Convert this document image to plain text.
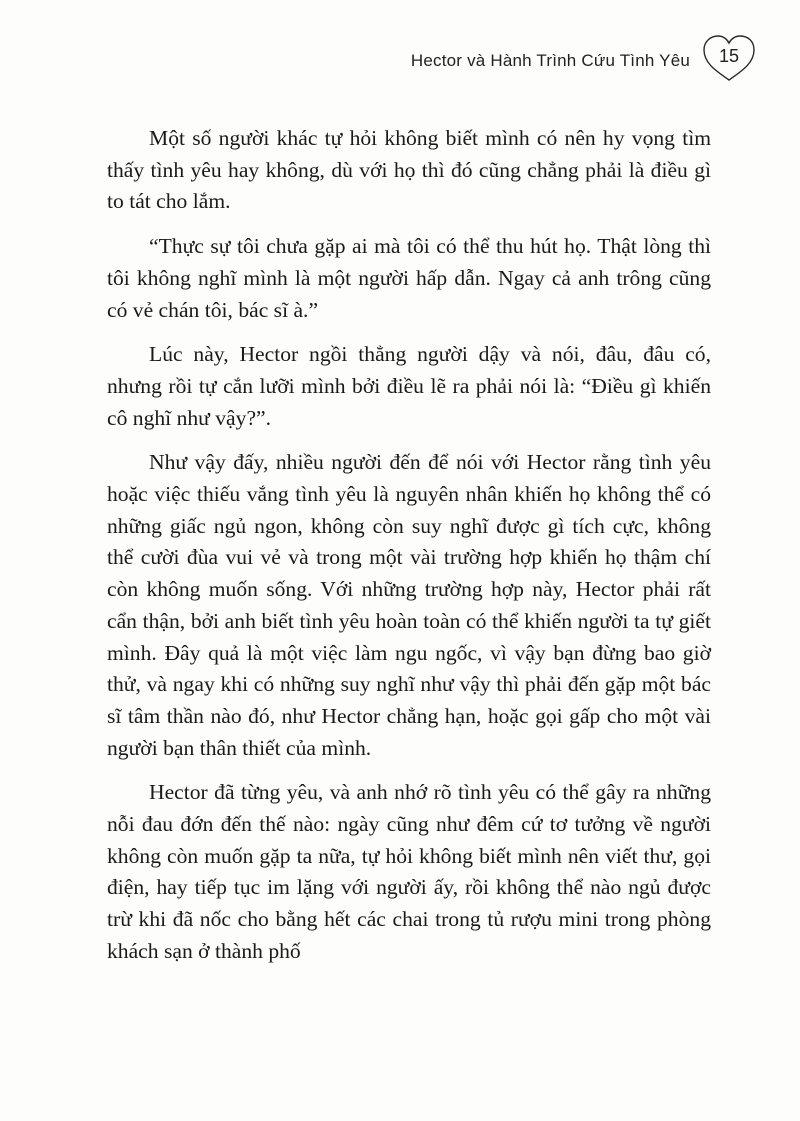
Hector và Hành Trình Cứu Tình Yêu	15

Một số người khác tự hỏi không biết mình có nên hy vọng tìm thấy tình yêu hay không, dù với họ thì đó cũng chẳng phải là điều gì to tát cho lắm.

“Thực sự tôi chưa gặp ai mà tôi có thể thu hút họ. Thật lòng thì tôi không nghĩ mình là một người hấp dẫn. Ngay cả anh trông cũng có vẻ chán tôi, bác sĩ à.”

Lúc này, Hector ngồi thẳng người dậy và nói, đâu, đâu có, nhưng rồi tự cắn lưỡi mình bởi điều lẽ ra phải nói là: “Điều gì khiến cô nghĩ như vậy?”.

Như vậy đấy, nhiều người đến để nói với Hector rằng tình yêu hoặc việc thiếu vắng tình yêu là nguyên nhân khiến họ không thể có những giấc ngủ ngon, không còn suy nghĩ được gì tích cực, không thể cười đùa vui vẻ và trong một vài trường hợp khiến họ thậm chí còn không muốn sống. Với những trường hợp này, Hector phải rất cẩn thận, bởi anh biết tình yêu hoàn toàn có thể khiến người ta tự giết mình. Đây quả là một việc làm ngu ngốc, vì vậy bạn đừng bao giờ thử, và ngay khi có những suy nghĩ như vậy thì phải đến gặp một bác sĩ tâm thần nào đó, như Hector chẳng hạn, hoặc gọi gấp cho một vài người bạn thân thiết của mình.

Hector đã từng yêu, và anh nhớ rõ tình yêu có thể gây ra những nỗi đau đớn đến thế nào: ngày cũng như đêm cứ tơ tưởng về người không còn muốn gặp ta nữa, tự hỏi không biết mình nên viết thư, gọi điện, hay tiếp tục im lặng với người ấy, rồi không thể nào ngủ được trừ khi đã nốc cho bằng hết các chai trong tủ rượu mini trong phòng khách sạn ở thành phố
